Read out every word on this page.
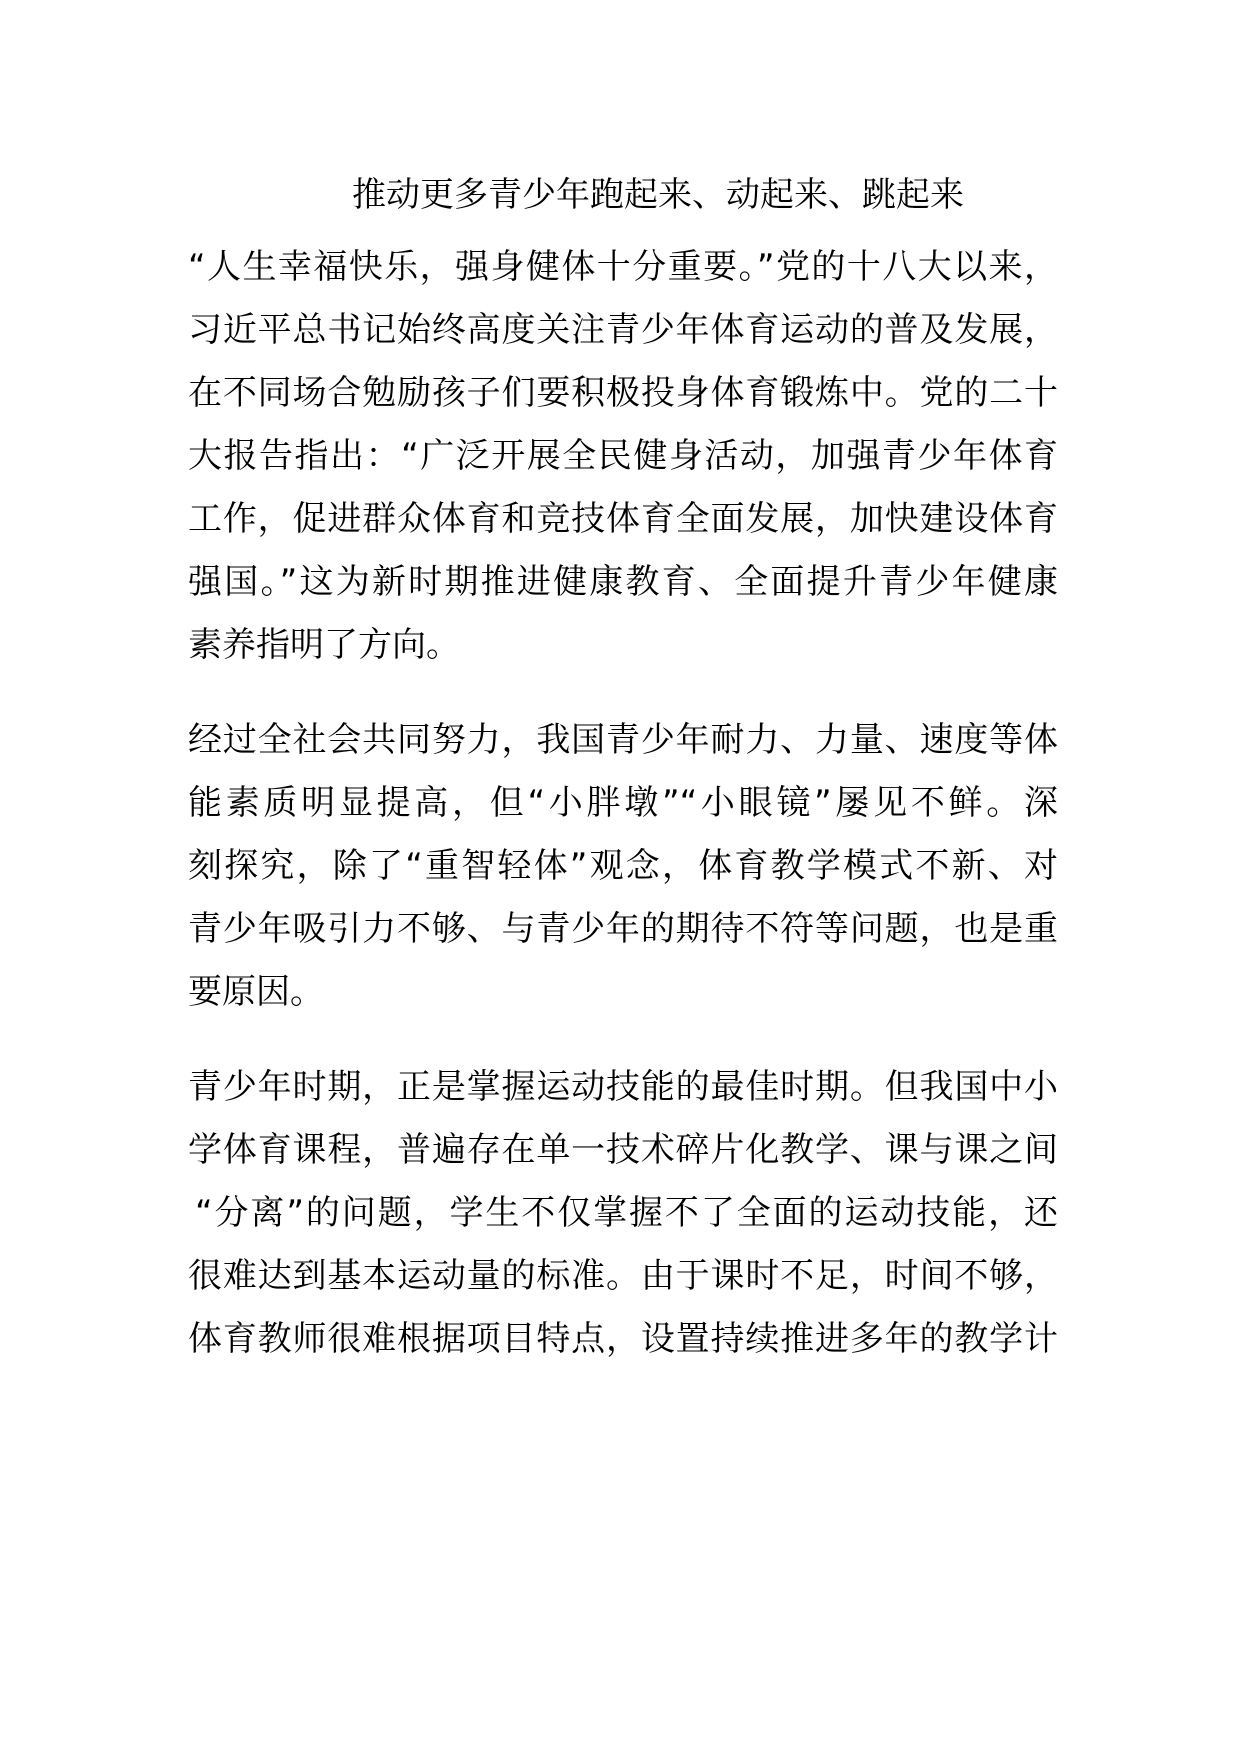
推动更多青少年跑起来、动起来、跳起来
“人生幸福快乐，强身健体十分重要。”党的十八大以来，
习近平总书记始终高度关注青少年体育运动的普及发展，
在不同场合勉励孩子们要积极投身体育锻炼中。党的二十
大报告指出：“广泛开展全民健身活动，加强青少年体育
工作，促进群众体育和竞技体育全面发展，加快建设体育
强国。”这为新时期推进健康教育、全面提升青少年健康
素养指明了方向。
经过全社会共同努力，我国青少年耐力、力量、速度等体
能素质明显提高，但“小胖墩”“小眼镜”屡见不鲜。深
刻探究，除了“重智轻体”观念，体育教学模式不新、对
青少年吸引力不够、与青少年的期待不符等问题，也是重
要原因。
青少年时期，正是掌握运动技能的最佳时期。但我国中小
学体育课程，普遍存在单一技术碎片化教学、课与课之间
“分离”的问题，学生不仅掌握不了全面的运动技能，还
很难达到基本运动量的标准。由于课时不足，时间不够，
体育教师很难根据项目特点，设置持续推进多年的教学计
